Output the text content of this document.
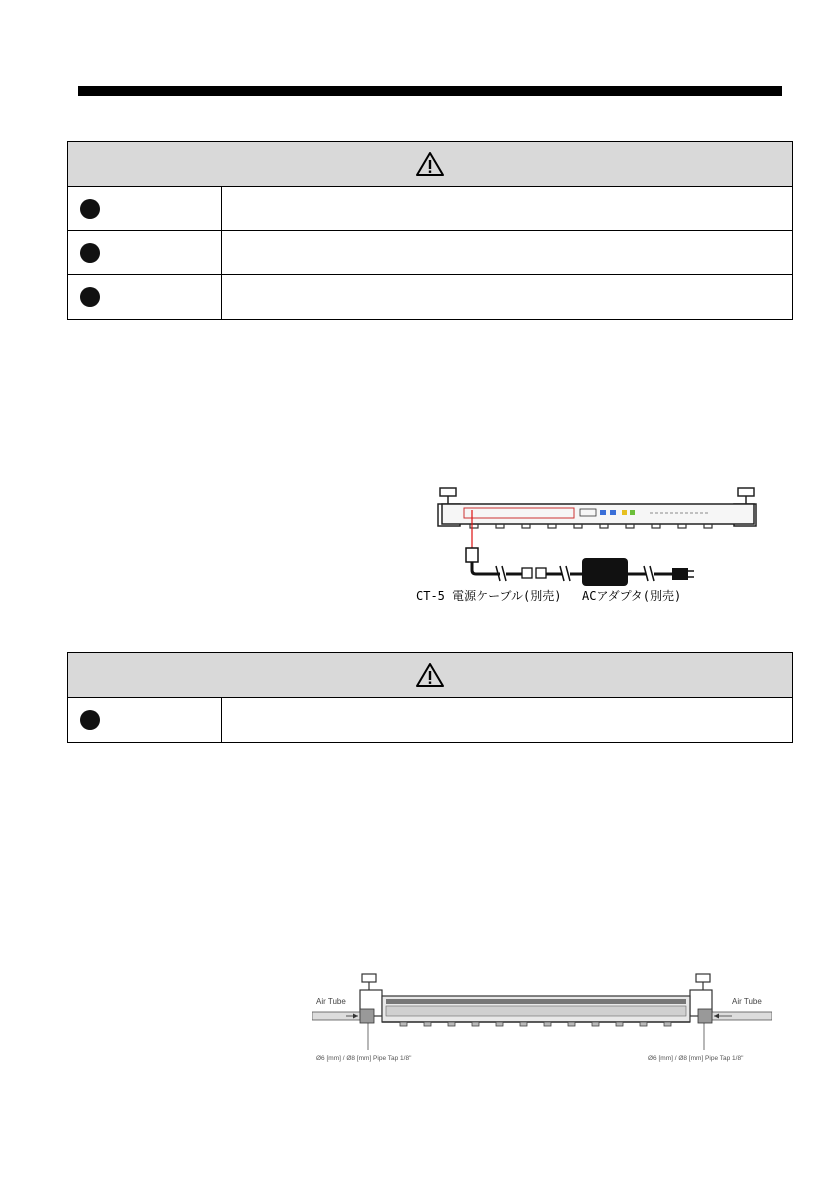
CT-5 電源ケーブル(別売) ACアダプタ(別売)
Air Tube	Air Tube
Ø6 [mm] / Ø8 [mm] Pipe Tap 1/8"	Ø6 [mm] / Ø8 [mm] Pipe Tap 1/8"
